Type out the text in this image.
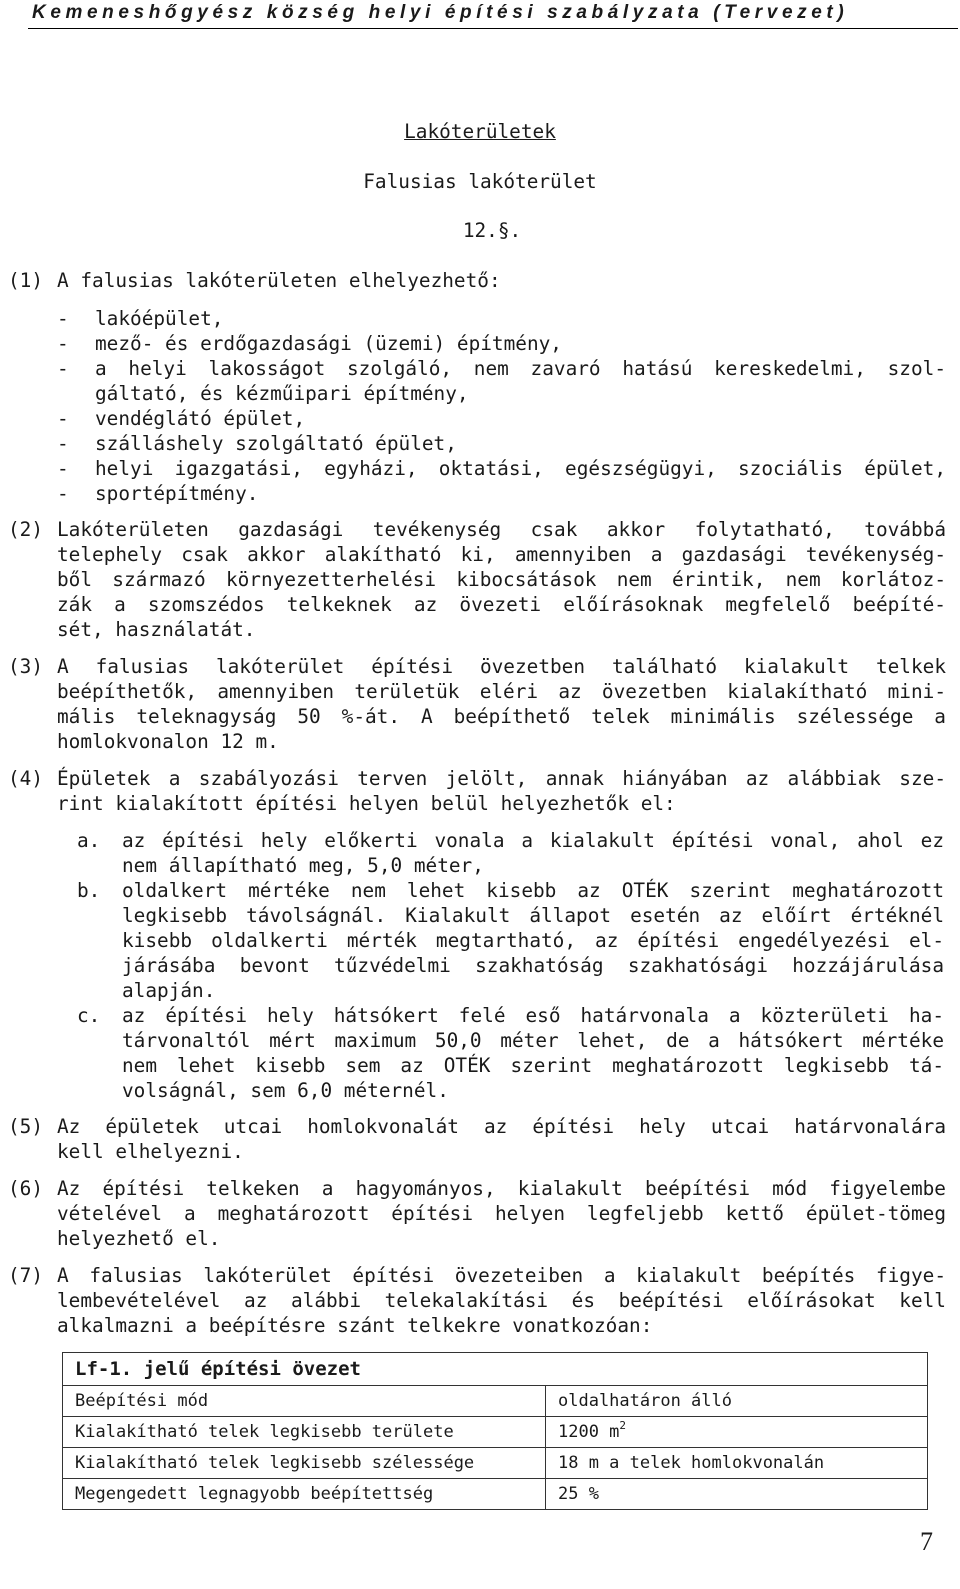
Kemeneshőgyész község helyi építési szabályzata (Tervezet)
Lakóterületek
Falusias lakóterület
12.§.
(1) A falusias lakóterületen elhelyezhető:
- lakóépület,
- mező- és erdőgazdasági (üzemi) építmény,
- a helyi lakosságot szolgáló, nem zavaró hatású kereskedelmi, szol-
gáltató, és kézműipari építmény,
- vendéglátó épület,
- szálláshely szolgáltató épület,
- helyi igazgatási, egyházi, oktatási, egészségügyi, szociális épület,
- sportépítmény.
(2) Lakóterületen gazdasági tevékenység csak akkor folytatható, továbbá
telephely csak akkor alakítható ki, amennyiben a gazdasági tevékenység-
ből származó környezetterhelési kibocsátások nem érintik, nem korlátoz-
zák a szomszédos telkeknek az övezeti előírásoknak megfelelő beépíté-
sét, használatát.
(3) A falusias lakóterület építési övezetben található kialakult telkek
beépíthetők, amennyiben területük eléri az övezetben kialakítható mini-
mális teleknagyság 50 %-át. A beépíthető telek minimális szélessége a
homlokvonalon 12 m.
(4) Épületek a szabályozási terven jelölt, annak hiányában az alábbiak sze-
rint kialakított építési helyen belül helyezhetők el:
a. az építési hely előkerti vonala a kialakult építési vonal, ahol ez
nem állapítható meg, 5,0 méter,
b. oldalkert mértéke nem lehet kisebb az OTÉK szerint meghatározott
legkisebb távolságnál. Kialakult állapot esetén az előírt értéknél
kisebb oldalkerti mérték megtartható, az építési engedélyezési el-
járásába bevont tűzvédelmi szakhatóság szakhatósági hozzájárulása
alapján.
c. az építési hely hátsókert felé eső határvonala a közterületi ha-
tárvonaltól mért maximum 50,0 méter lehet, de a hátsókert mértéke
nem lehet kisebb sem az OTÉK szerint meghatározott legkisebb tá-
volságnál, sem 6,0 méternél.
(5) Az épületek utcai homlokvonalát az építési hely utcai határvonalára
kell elhelyezni.
(6) Az építési telkeken a hagyományos, kialakult beépítési mód figyelembe
vételével a meghatározott építési helyen legfeljebb kettő épület-tömeg
helyezhető el.
(7) A falusias lakóterület építési övezeteiben a kialakult beépítés figye-
lembevételével az alábbi telekalakítási és beépítési előírásokat kell
alkalmazni a beépítésre szánt telkekre vonatkozóan:
Lf-1. jelű építési övezet	
Beépítési mód	oldalhatáron álló
Kialakítható telek legkisebb területe	1200 $m^2$
Kialakítható telek legkisebb szélessége	18 m a telek homlokvonalán
Megengedett legnagyobb beépítettség	25 %
7
